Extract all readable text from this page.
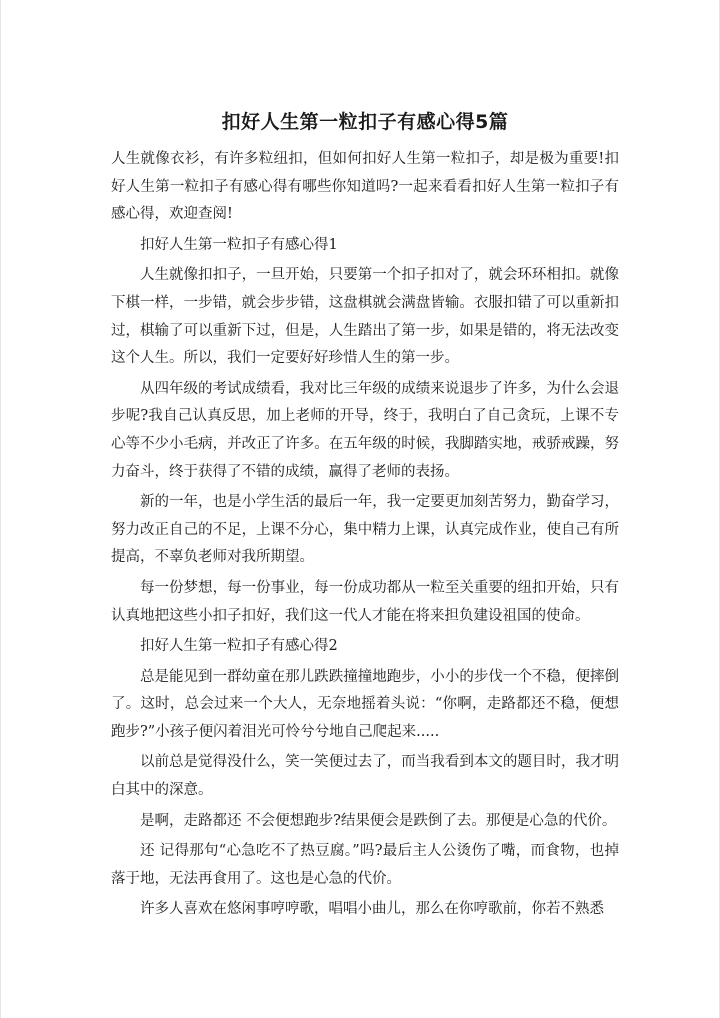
扣好人生第一粒扣子有感心得5篇

人生就像衣衫，有许多粒纽扣，但如何扣好人生第一粒扣子，却是极为重要!扣好人生第一粒扣子有感心得有哪些你知道吗?一起来看看扣好人生第一粒扣子有感心得，欢迎查阅!

扣好人生第一粒扣子有感心得1

人生就像扣扣子，一旦开始，只要第一个扣子扣对了，就会环环相扣。就像下棋一样，一步错，就会步步错，这盘棋就会满盘皆输。衣服扣错了可以重新扣过，棋输了可以重新下过，但是，人生踏出了第一步，如果是错的，将无法改变这个人生。所以，我们一定要好好珍惜人生的第一步。

从四年级的考试成绩看，我对比三年级的成绩来说退步了许多，为什么会退步呢?我自己认真反思，加上老师的开导，终于，我明白了自己贪玩，上课不专心等不少小毛病，并改正了许多。在五年级的时候，我脚踏实地，戒骄戒躁，努力奋斗，终于获得了不错的成绩，赢得了老师的表扬。

新的一年，也是小学生活的最后一年，我一定要更加刻苦努力，勤奋学习，努力改正自己的不足，上课不分心，集中精力上课，认真完成作业，使自己有所提高，不辜负老师对我所期望。

每一份梦想，每一份事业，每一份成功都从一粒至关重要的纽扣开始，只有认真地把这些小扣子扣好，我们这一代人才能在将来担负建设祖国的使命。

扣好人生第一粒扣子有感心得2

总是能见到一群幼童在那儿跌跌撞撞地跑步，小小的步伐一个不稳，便摔倒了。这时，总会过来一个大人，无奈地摇着头说：“你啊，走路都还不稳，便想跑步?”小孩子便闪着泪光可怜兮兮地自己爬起来.....

以前总是觉得没什么，笑一笑便过去了，而当我看到本文的题目时，我才明白其中的深意。

是啊，走路都还 不会便想跑步?结果便会是跌倒了去。那便是心急的代价。

还 记得那句“心急吃不了热豆腐。”吗?最后主人公烫伤了嘴，而食物，也掉落于地，无法再食用了。这也是心急的代价。

许多人喜欢在悠闲事哼哼歌，唱唱小曲儿，那么在你哼歌前，你若不熟悉
